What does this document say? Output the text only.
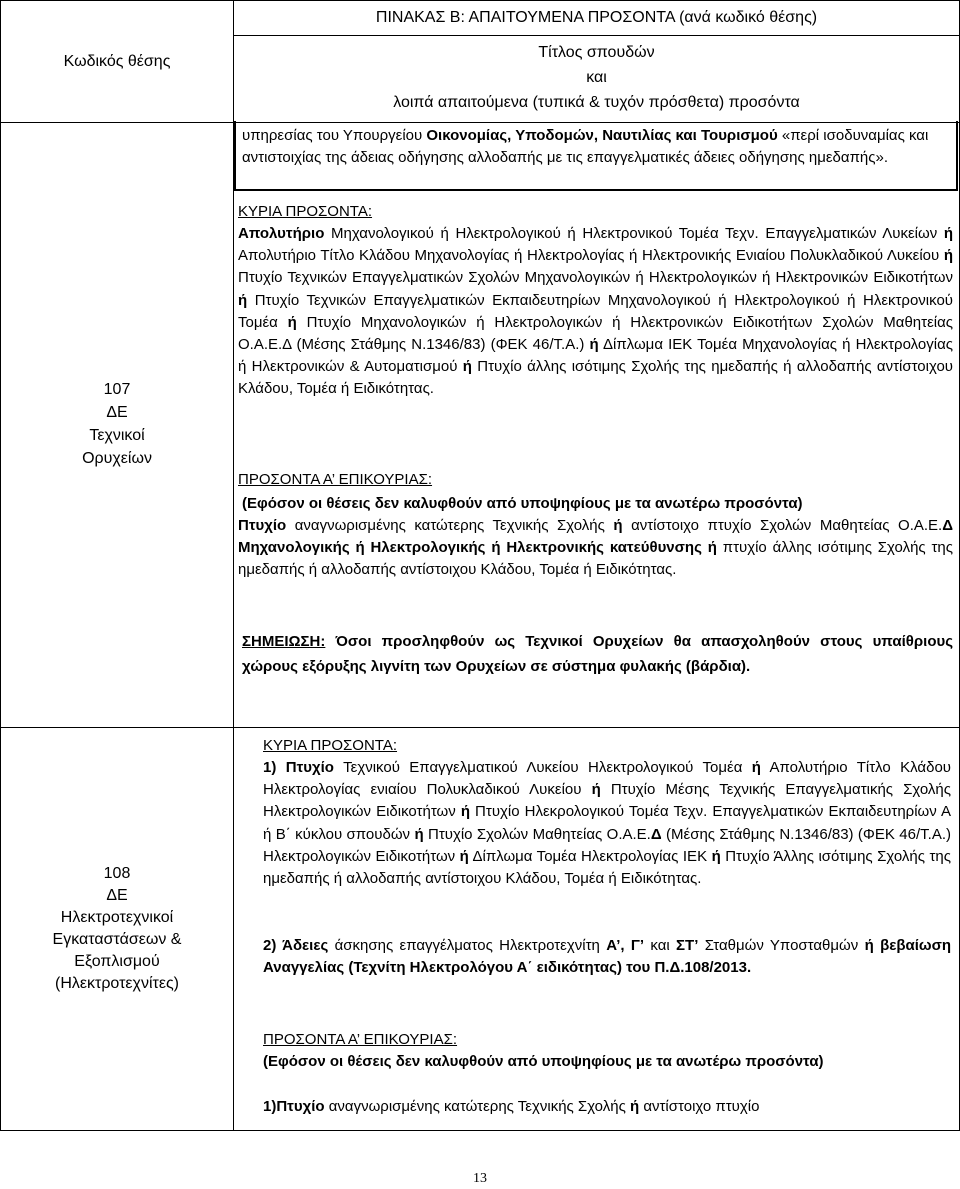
Κωδικός θέσης
ΠΙΝΑΚΑΣ Β: ΑΠΑΙΤΟΥΜΕΝΑ ΠΡΟΣΟΝΤΑ (ανά κωδικό θέσης)
Τίτλος σπουδών
και
λοιπά απαιτούμενα (τυπικά & τυχόν πρόσθετα) προσόντα
107
ΔΕ
Τεχνικοί
Ορυχείων
υπηρεσίας του Υπουργείου Οικονομίας, Υποδομών, Ναυτιλίας και Τουρισμού «περί ισοδυναμίας και αντιστοιχίας της άδειας οδήγησης αλλοδαπής με τις επαγγελματικές άδειες οδήγησης ημεδαπής».
ΚΥΡΙΑ ΠΡΟΣΟΝΤΑ:
Απολυτήριο Μηχανολογικού ή Ηλεκτρολογικού ή Ηλεκτρονικού Τομέα Τεχν. Επαγγελματικών Λυκείων ή Απολυτήριο Τίτλο Κλάδου Μηχανολογίας ή Ηλεκτρολογίας ή Ηλεκτρονικής Ενιαίου Πολυκλαδικού Λυκείου ή Πτυχίο Τεχνικών Επαγγελματικών Σχολών Μηχανολογικών ή Ηλεκτρολογικών ή Ηλεκτρονικών Ειδικοτήτων ή Πτυχίο Τεχνικών Επαγγελματικών Εκπαιδευτηρίων Μηχανολογικού ή Ηλεκτρολογικού ή Ηλεκτρονικού Τομέα ή Πτυχίο Μηχανολογικών ή Ηλεκτρολογικών ή Ηλεκτρονικών Ειδικοτήτων Σχολών Μαθητείας Ο.Α.Ε.Δ (Μέσης Στάθμης Ν.1346/83) (ΦΕΚ 46/Τ.Α.) ή Δίπλωμα ΙΕΚ Τομέα Μηχανολογίας ή Ηλεκτρολογίας ή Ηλεκτρονικών & Αυτοματισμού ή Πτυχίο άλλης ισότιμης Σχολής της ημεδαπής ή αλλοδαπής αντίστοιχου Κλάδου, Τομέα ή Ειδικότητας.
ΠΡΟΣΟΝΤΑ Α’ ΕΠΙΚΟΥΡΙΑΣ:
(Εφόσον οι θέσεις δεν καλυφθούν από υποψηφίους με τα ανωτέρω προσόντα)
Πτυχίο αναγνωρισμένης κατώτερης Τεχνικής Σχολής ή αντίστοιχο πτυχίο Σχολών Μαθητείας Ο.Α.Ε.Δ Μηχανολογικής ή Ηλεκτρολογικής ή Ηλεκτρονικής κατεύθυνσης ή πτυχίο άλλης ισότιμης Σχολής της ημεδαπής ή αλλοδαπής αντίστοιχου Κλάδου, Τομέα ή Ειδικότητας.
ΣΗΜΕΙΩΣΗ: Όσοι προσληφθούν ως Τεχνικοί Ορυχείων θα απασχοληθούν στους υπαίθριους χώρους εξόρυξης λιγνίτη των Ορυχείων σε σύστημα φυλακής (βάρδια).
108
ΔΕ
Ηλεκτροτεχνικοί
Εγκαταστάσεων &
Εξοπλισμού
(Ηλεκτροτεχνίτες)
ΚΥΡΙΑ ΠΡΟΣΟΝΤΑ:
1) Πτυχίο Τεχνικού Επαγγελματικού Λυκείου Ηλεκτρολογικού Τομέα ή Απολυτήριο Τίτλο Κλάδου Ηλεκτρολογίας ενιαίου Πολυκλαδικού Λυκείου ή Πτυχίο Μέσης Τεχνικής Επαγγελματικής Σχολής Ηλεκτρολογικών Ειδικοτήτων ή Πτυχίο Ηλεκρολογικού Τομέα Τεχν. Επαγγελματικών Εκπαιδευτηρίων Α ή Β΄ κύκλου σπουδών ή Πτυχίο Σχολών Μαθητείας Ο.Α.Ε.Δ (Μέσης Στάθμης Ν.1346/83) (ΦΕΚ 46/Τ.Α.) Ηλεκτρολογικών Ειδικοτήτων ή Δίπλωμα Τομέα Ηλεκτρολογίας ΙΕΚ ή Πτυχίο Άλλης ισότιμης Σχολής της ημεδαπής ή αλλοδαπής αντίστοιχου Κλάδου, Τομέα ή Ειδικότητας.
2) Άδειες άσκησης επαγγέλματος Ηλεκτροτεχνίτη Α’, Γ’ και ΣΤ’ Σταθμών Υποσταθμών ή βεβαίωση Αναγγελίας (Τεχνίτη Ηλεκτρολόγου Α΄ ειδικότητας) του Π.Δ.108/2013.
ΠΡΟΣΟΝΤΑ Α’ ΕΠΙΚΟΥΡΙΑΣ:
(Εφόσον οι θέσεις δεν καλυφθούν από υποψηφίους με τα ανωτέρω προσόντα)
1)Πτυχίο αναγνωρισμένης κατώτερης Τεχνικής Σχολής ή αντίστοιχο πτυχίο
13
